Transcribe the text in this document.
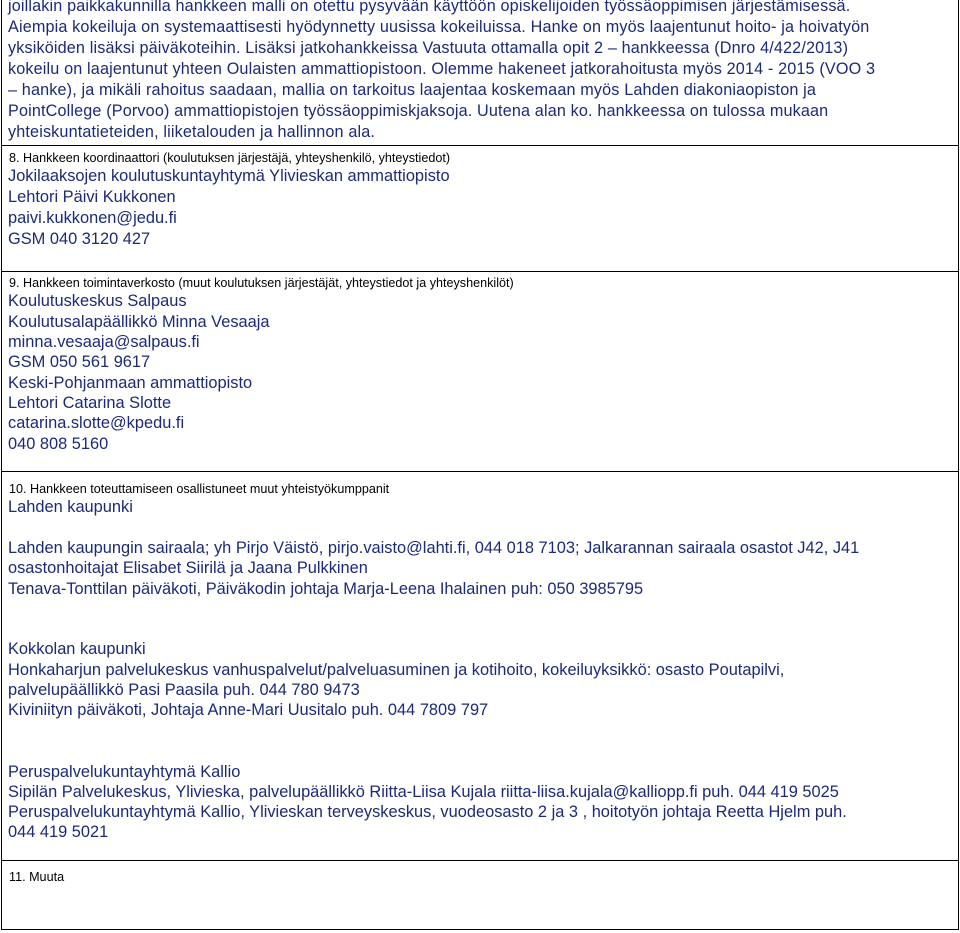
joillakin paikkakunnilla hankkeen malli on otettu pysyvään käyttöön opiskelijoiden työssäoppimisen järjestämisessä.
Aiempia kokeiluja on systemaattisesti hyödynnetty uusissa kokeiluissa. Hanke on myös laajentunut hoito- ja hoivatyön
yksiköiden lisäksi päiväkoteihin. Lisäksi jatkohankkeissa Vastuuta ottamalla opit 2 – hankkeessa (Dnro 4/422/2013)
kokeilu on laajentunut yhteen Oulaisten ammattiopistoon. Olemme hakeneet jatkorahoitusta myös 2014 - 2015 (VOO 3
– hanke), ja mikäli rahoitus saadaan, mallia on tarkoitus laajentaa koskemaan myös Lahden diakoniaopiston ja
PointCollege (Porvoo) ammattiopistojen työssäoppimiskjaksoja. Uutena alan ko. hankkeessa on tulossa mukaan
yhteiskuntatieteiden, liiketalouden ja hallinnon ala.
8. Hankkeen koordinaattori (koulutuksen järjestäjä, yhteyshenkilö, yhteystiedot)
Jokilaaksojen koulutuskuntayhtymä Ylivieskan ammattiopisto
Lehtori Päivi Kukkonen
paivi.kukkonen@jedu.fi
GSM 040 3120 427
9. Hankkeen toimintaverkosto (muut koulutuksen järjestäjät, yhteystiedot ja yhteyshenkilöt)
Koulutuskeskus Salpaus
Koulutusalapäällikkö Minna Vesaaja
minna.vesaaja@salpaus.fi
GSM 050 561 9617
Keski-Pohjanmaan ammattiopisto
Lehtori Catarina Slotte
catarina.slotte@kpedu.fi
040 808 5160
10. Hankkeen toteuttamiseen osallistuneet muut yhteistyökumppanit
Lahden kaupunki
Lahden kaupungin sairaala; yh Pirjo Väistö, pirjo.vaisto@lahti.fi, 044 018 7103; Jalkarannan sairaala osastot J42, J41
osastonhoitajat Elisabet Siirilä ja Jaana Pulkkinen
Tenava-Tonttilan päiväkoti, Päiväkodin johtaja Marja-Leena Ihalainen puh: 050 3985795
Kokkolan kaupunki
Honkaharjun palvelukeskus vanhuspalvelut/palveluasuminen ja kotihoito, kokeiluyksikkö: osasto Poutapilvi,
palvelupäällikkö Pasi Paasila puh. 044 780 9473
Kiviniityn päiväkoti, Johtaja Anne-Mari Uusitalo puh. 044 7809 797
Peruspalvelukuntayhtymä Kallio
Sipilän Palvelukeskus, Ylivieska, palvelupäällikkö Riitta-Liisa Kujala riitta-liisa.kujala@kalliopp.fi puh. 044 419 5025
Peruspalvelukuntayhtymä Kallio, Ylivieskan terveyskeskus, vuodeosasto 2 ja 3 , hoitotyön johtaja Reetta Hjelm puh.
044 419 5021
11. Muuta
